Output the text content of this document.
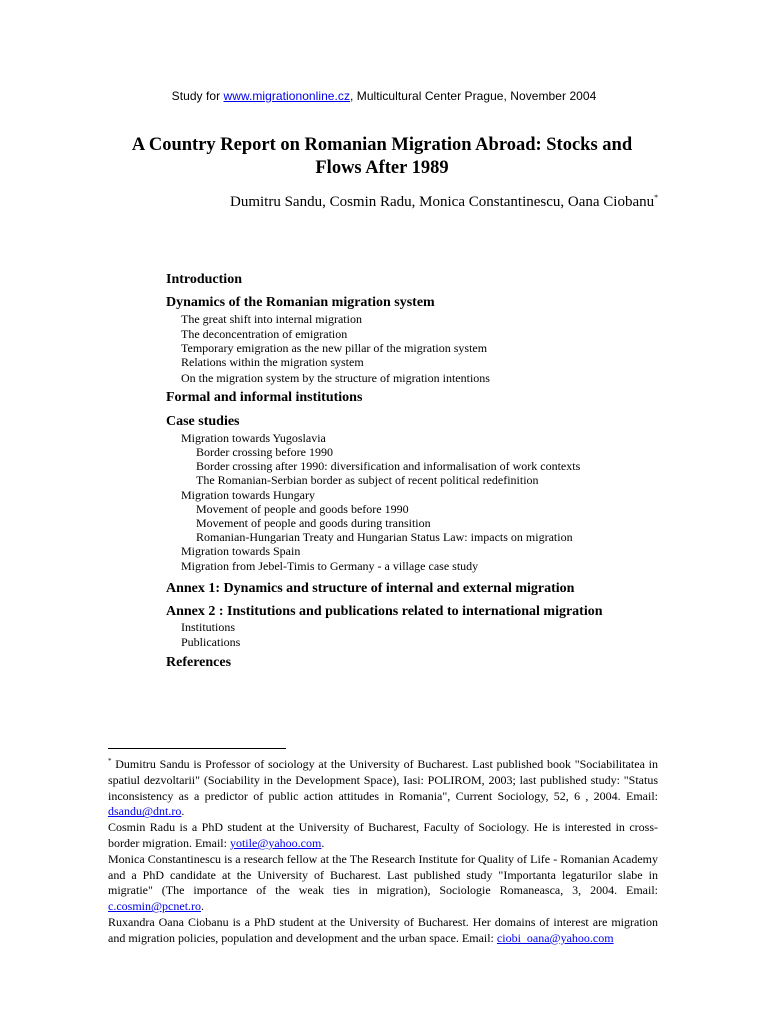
Study for www.migrationonline.cz, Multicultural Center Prague, November 2004
A Country Report on Romanian Migration Abroad: Stocks and
Flows After 1989
Dumitru Sandu, Cosmin Radu, Monica Constantinescu, Oana Ciobanu*
Introduction
Dynamics of the Romanian migration system
The great shift into internal migration
The deconcentration of emigration
Temporary emigration as the new pillar of the migration system
Relations within the migration system
On the migration system by the structure of migration intentions
Formal and informal institutions
Case studies
Migration towards Yugoslavia
Border crossing before 1990
Border crossing after 1990: diversification and informalisation of work contexts
The Romanian-Serbian border as subject of recent political redefinition
Migration towards Hungary
Movement of people and goods before 1990
Movement of people and goods during transition
Romanian-Hungarian Treaty and Hungarian Status Law: impacts on migration
Migration towards Spain
Migration from Jebel-Timis to Germany - a village case study
Annex 1: Dynamics and structure of internal and external migration
Annex 2 : Institutions and publications related to international migration
Institutions
Publications
References

* Dumitru Sandu is Professor of sociology at the University of Bucharest. Last published book "Sociabilitatea in spatiul dezvoltarii" (Sociability in the Development Space), Iasi: POLIROM, 2003; last published study: "Status inconsistency as a predictor of public action attitudes in Romania", Current Sociology, 52, 6 , 2004. Email: dsandu@dnt.ro.

Cosmin Radu is a PhD student at the University of Bucharest, Faculty of Sociology. He is interested in cross-border migration. Email: yotile@yahoo.com.

Monica Constantinescu is a research fellow at the The Research Institute for Quality of Life - Romanian Academy and a PhD candidate at the University of Bucharest. Last published study "Importanta legaturilor slabe in migratie" (The importance of the weak ties in migration), Sociologie Romaneasca, 3, 2004. Email: c.cosmin@pcnet.ro.

Ruxandra Oana Ciobanu is a PhD student at the University of Bucharest. Her domains of interest are migration and migration policies, population and development and the urban space. Email: ciobi_oana@yahoo.com
